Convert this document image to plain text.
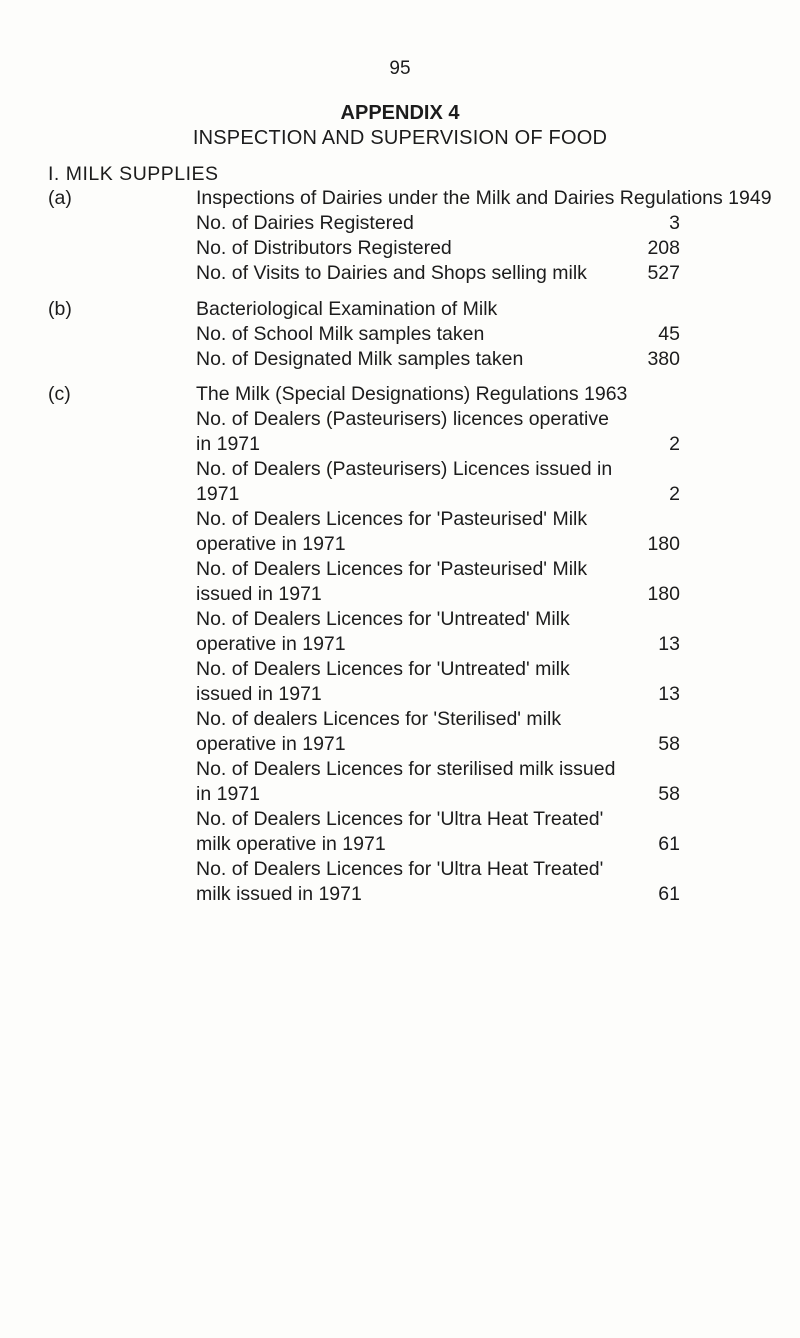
95
APPENDIX 4
INSPECTION AND SUPERVISION OF FOOD
I. MILK SUPPLIES
(a)	Inspections of Dairies under the Milk and Dairies Regulations 1949
No. of Dairies Registered	3
No. of Distributors Registered	208
No. of Visits to Dairies and Shops selling milk	527
(b)	Bacteriological Examination of Milk
No. of School Milk samples taken	45
No. of Designated Milk samples taken	380
(c)	The Milk (Special Designations) Regulations 1963
No. of Dealers (Pasteurisers) licences operative
in 1971	2
No. of Dealers (Pasteurisers) Licences issued in
1971	2
No. of Dealers Licences for 'Pasteurised' Milk
operative in 1971	180
No. of Dealers Licences for 'Pasteurised' Milk
issued in 1971	180
No. of Dealers Licences for 'Untreated' Milk
operative in 1971	13
No. of Dealers Licences for 'Untreated' milk
issued in 1971	13
No. of dealers Licences for 'Sterilised' milk
operative in 1971	58
No. of Dealers Licences for sterilised milk issued
in 1971	58
No. of Dealers Licences for 'Ultra Heat Treated'
milk operative in 1971	61
No. of Dealers Licences for 'Ultra Heat Treated'
milk issued in 1971	61
